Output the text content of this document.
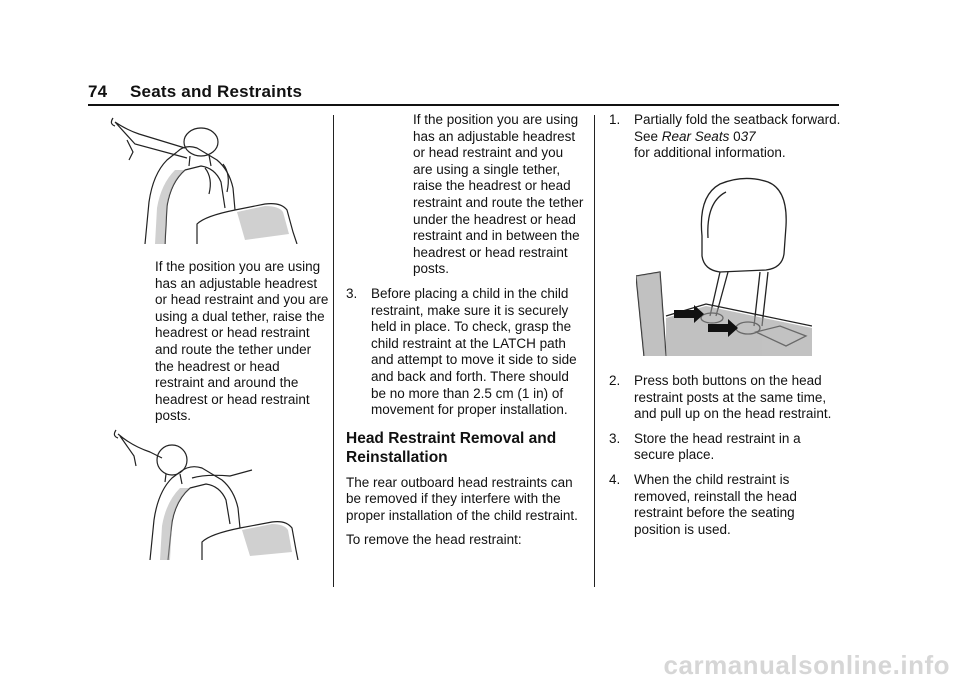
74 Seats and Restraints

If the position you are using has an adjustable headrest or head restraint and you are using a dual tether, raise the headrest or head restraint and route the tether under the headrest or head restraint and around the headrest or head restraint posts.

If the position you are using has an adjustable headrest or head restraint and you are using a single tether, raise the headrest or head restraint and route the tether under the headrest or head restraint and in between the headrest or head restraint posts.

3. Before placing a child in the child restraint, make sure it is securely held in place. To check, grasp the child restraint at the LATCH path and attempt to move it side to side and back and forth. There should be no more than 2.5 cm (1 in) of movement for proper installation.
Head Restraint Removal and Reinstallation

The rear outboard head restraints can be removed if they interfere with the proper installation of the child restraint.

To remove the head restraint:

1. Partially fold the seatback forward. See Rear Seats 037
for additional information.
2. Press both buttons on the head restraint posts at the same time, and pull up on the head restraint.
3. Store the head restraint in a secure place.
4. When the child restraint is removed, reinstall the head restraint before the seating position is used.
carmanualsonline.info
